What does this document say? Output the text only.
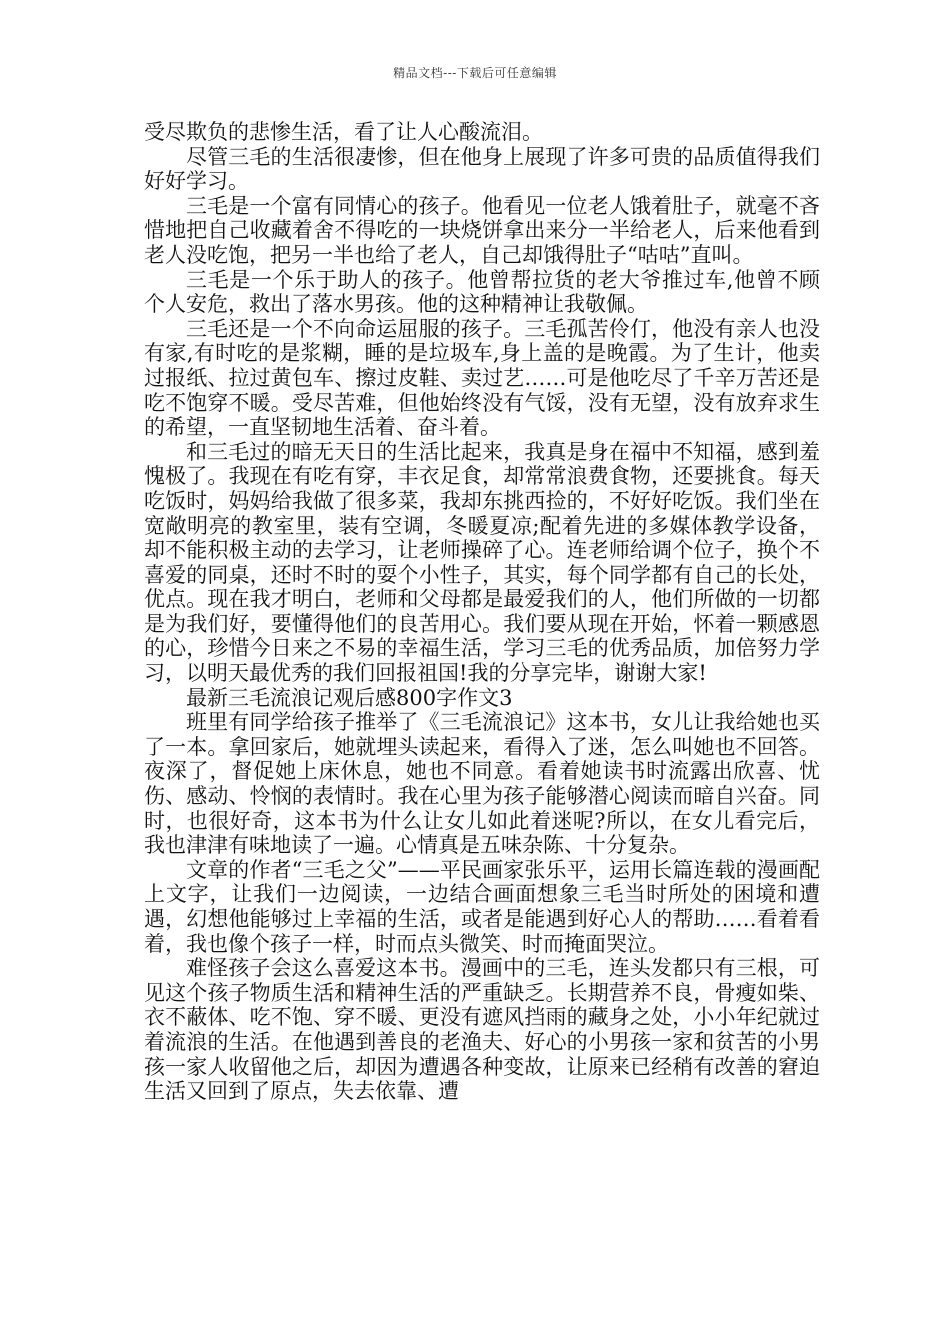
精品文档---下载后可任意编辑

受尽欺负的悲惨生活，看了让人心酸流泪。

尽管三毛的生活很凄惨，但在他身上展现了许多可贵的品质值得我们好好学习。

三毛是一个富有同情心的孩子。他看见一位老人饿着肚子，就毫不吝惜地把自己收藏着舍不得吃的一块烧饼拿出来分一半给老人，后来他看到老人没吃饱，把另一半也给了老人，自己却饿得肚子“咕咕”直叫。

三毛是一个乐于助人的孩子。他曾帮拉货的老大爷推过车,他曾不顾个人安危，救出了落水男孩。他的这种精神让我敬佩。

三毛还是一个不向命运屈服的孩子。三毛孤苦伶仃，他没有亲人也没有家,有时吃的是浆糊，睡的是垃圾车,身上盖的是晚霞。为了生计，他卖过报纸、拉过黄包车、擦过皮鞋、卖过艺……可是他吃尽了千辛万苦还是吃不饱穿不暖。受尽苦难，但他始终没有气馁，没有无望，没有放弃求生的希望，一直坚韧地生活着、奋斗着。

和三毛过的暗无天日的生活比起来，我真是身在福中不知福，感到羞愧极了。我现在有吃有穿，丰衣足食，却常常浪费食物，还要挑食。每天吃饭时，妈妈给我做了很多菜，我却东挑西捡的，不好好吃饭。我们坐在宽敞明亮的教室里，装有空调，冬暖夏凉;配着先进的多媒体教学设备，却不能积极主动的去学习，让老师操碎了心。连老师给调个位子，换个不喜爱的同桌，还时不时的耍个小性子，其实，每个同学都有自己的长处，优点。现在我才明白，老师和父母都是最爱我们的人，他们所做的一切都是为我们好，要懂得他们的良苦用心。我们要从现在开始，怀着一颗感恩的心，珍惜今日来之不易的幸福生活，学习三毛的优秀品质，加倍努力学习，以明天最优秀的我们回报祖国!我的分享完毕，谢谢大家!

最新三毛流浪记观后感800字作文3

班里有同学给孩子推举了《三毛流浪记》这本书，女儿让我给她也买了一本。拿回家后，她就埋头读起来，看得入了迷，怎么叫她也不回答。夜深了，督促她上床休息，她也不同意。看着她读书时流露出欣喜、忧伤、感动、怜悯的表情时。我在心里为孩子能够潜心阅读而暗自兴奋。同时，也很好奇，这本书为什么让女儿如此着迷呢?所以，在女儿看完后，我也津津有味地读了一遍。心情真是五味杂陈、十分复杂。

文章的作者“三毛之父”——平民画家张乐平，运用长篇连载的漫画配上文字，让我们一边阅读，一边结合画面想象三毛当时所处的困境和遭遇，幻想他能够过上幸福的生活，或者是能遇到好心人的帮助……看着看着，我也像个孩子一样，时而点头微笑、时而掩面哭泣。

难怪孩子会这么喜爱这本书。漫画中的三毛，连头发都只有三根，可见这个孩子物质生活和精神生活的严重缺乏。长期营养不良，骨瘦如柴、衣不蔽体、吃不饱、穿不暖、更没有遮风挡雨的藏身之处，小小年纪就过着流浪的生活。在他遇到善良的老渔夫、好心的小男孩一家和贫苦的小男孩一家人收留他之后，却因为遭遇各种变故，让原来已经稍有改善的窘迫生活又回到了原点，失去依靠、遭
